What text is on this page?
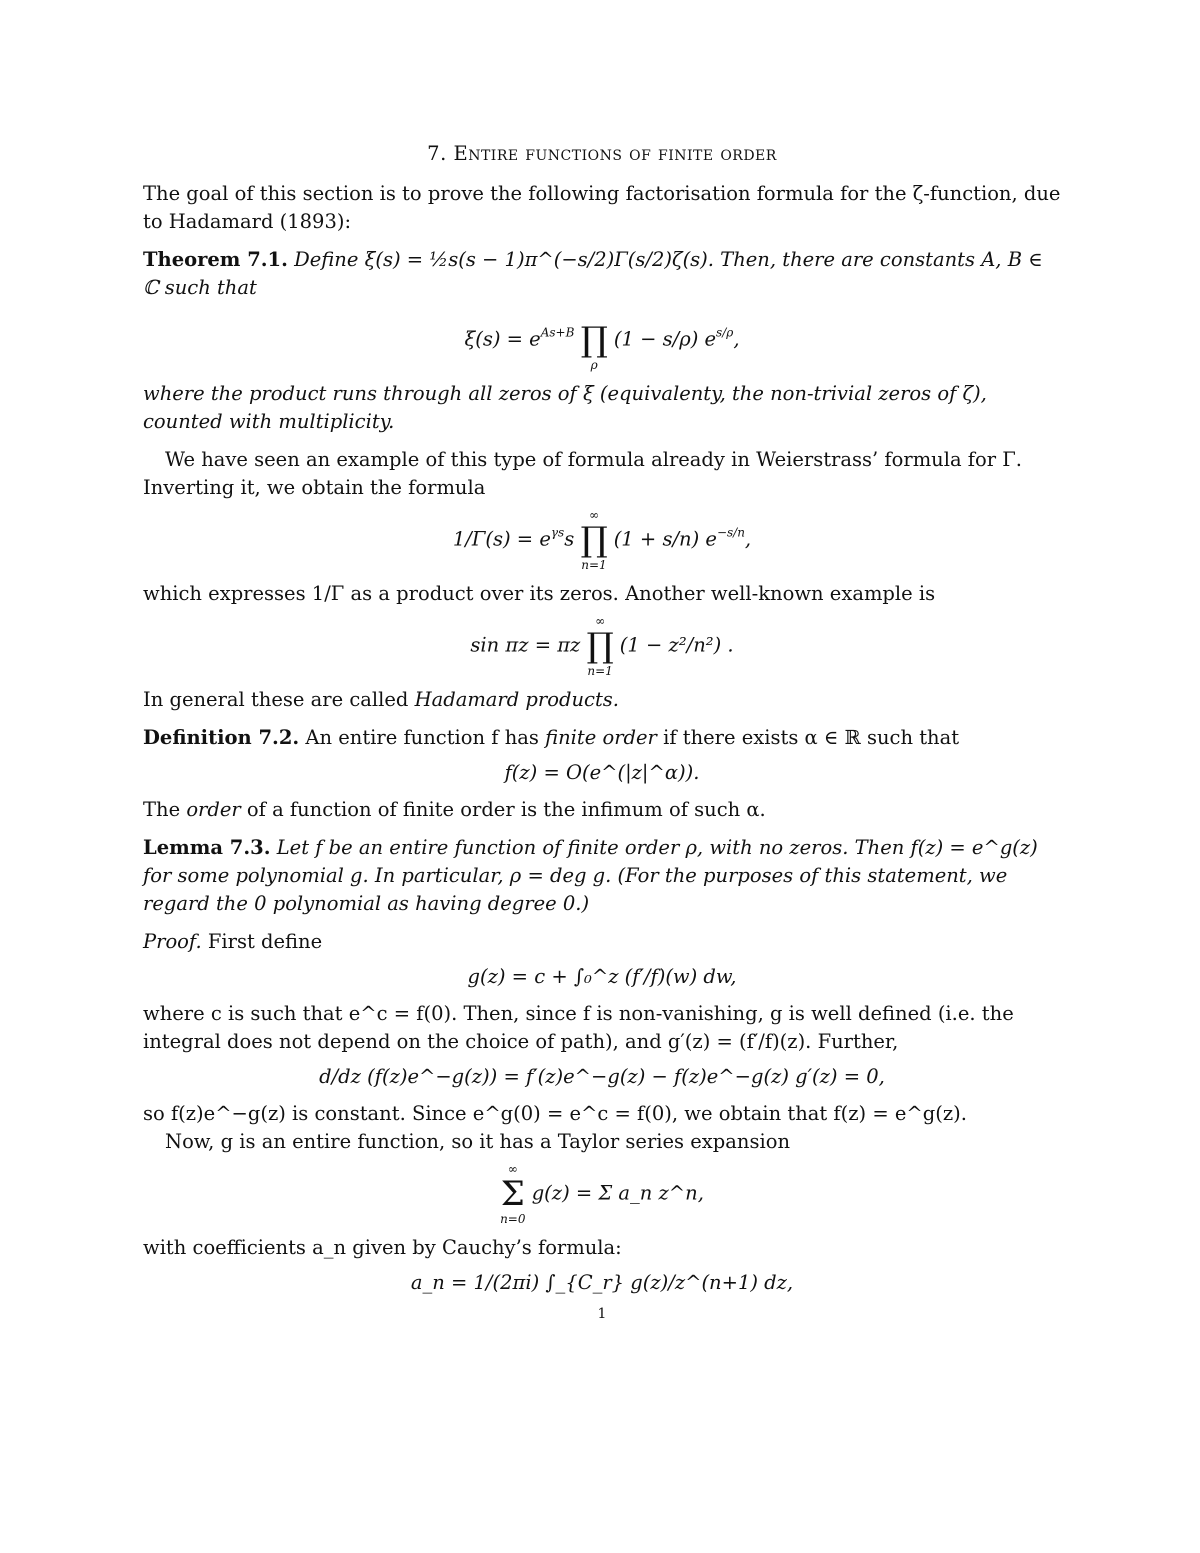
7. Entire functions of finite order

The goal of this section is to prove the following factorisation formula for the ζ-function, due to Hadamard (1893):

Theorem 7.1. Define ξ(s) = ½s(s − 1)π^(−s/2)Γ(s/2)ζ(s). Then, there are constants A, B ∈ ℂ such that

$\xi(s) = e^{As+B}$
∏
ρ
(1 − s/ρ) $e^{s/\rho}$,

where the product runs through all zeros of ξ (equivalenty, the non-trivial zeros of ζ), counted with multiplicity.

We have seen an example of this type of formula already in Weierstrass’ formula for Γ. Inverting it, we obtain the formula

$1/\Gamma(s) = e^{\gamma s}s$
∞
∏
n=1
(1 + s/n) $e^{-s/n}$,

which expresses 1/Γ as a product over its zeros. Another well-known example is

sin πz = πz
∞
∏
n=1
(1 − z²/n²) .

In general these are called Hadamard products.

Definition 7.2. An entire function f has finite order if there exists α ∈ ℝ such that

f(z) = O(e^(|z|^α)).

The order of a function of finite order is the infimum of such α.

Lemma 7.3. Let f be an entire function of finite order ρ, with no zeros. Then f(z) = e^g(z) for some polynomial g. In particular, ρ = deg g. (For the purposes of this statement, we regard the 0 polynomial as having degree 0.)

Proof. First define

g(z) = c + ∫₀^z (f′/f)(w) dw,

where c is such that e^c = f(0). Then, since f is non-vanishing, g is well defined (i.e. the integral does not depend on the choice of path), and g′(z) = (f′/f)(z). Further,

d/dz (f(z)e^−g(z)) = f′(z)e^−g(z) − f(z)e^−g(z) g′(z) = 0,

so f(z)e^−g(z) is constant. Since e^g(0) = e^c = f(0), we obtain that f(z) = e^g(z).

Now, g is an entire function, so it has a Taylor series expansion

∞
Σ
n=0
g(z) = Σ a_n z^n,

with coefficients a_n given by Cauchy’s formula:

a_n = 1/(2πi) ∫_{C_r} g(z)/z^(n+1) dz,
1
